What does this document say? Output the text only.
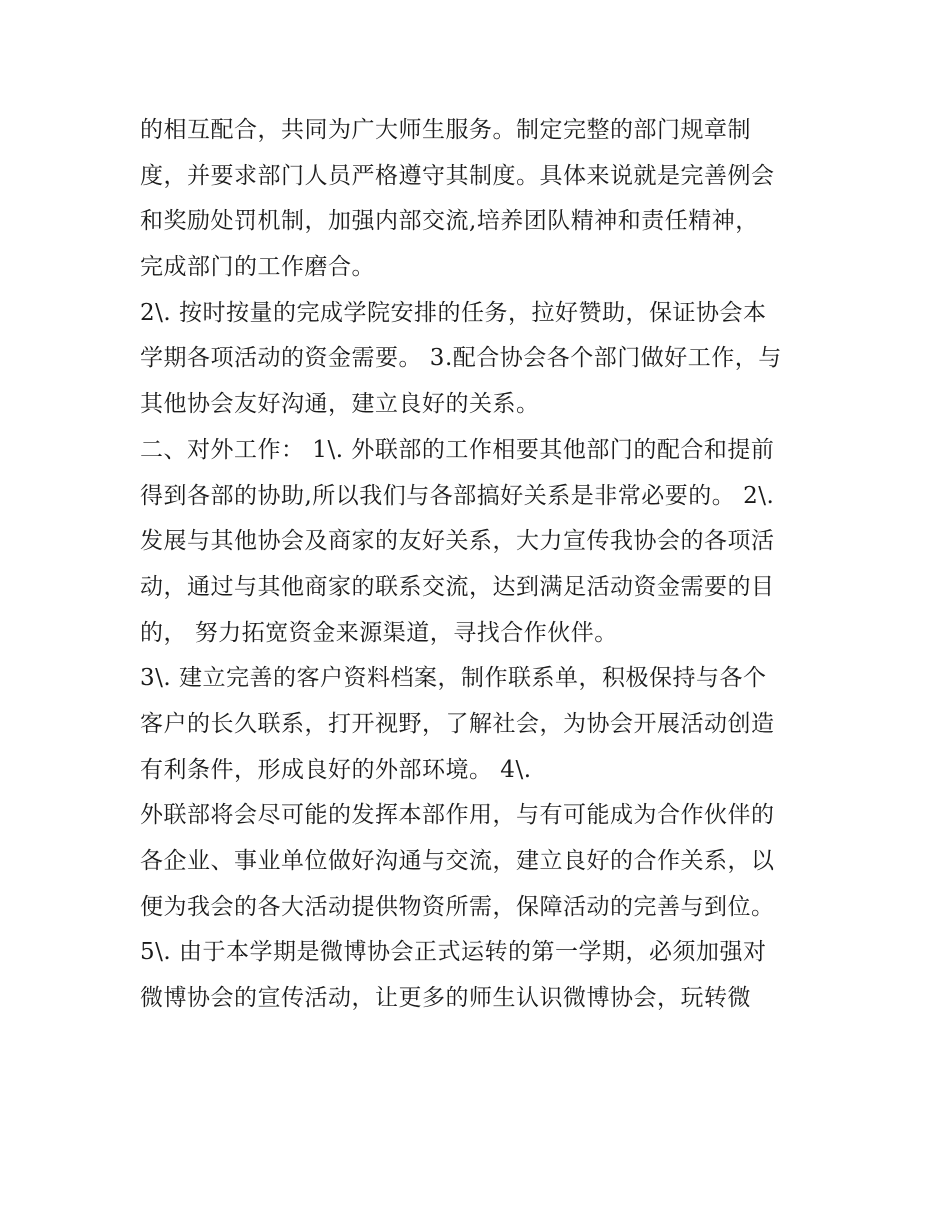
的相互配合，共同为广大师生服务。制定完整的部门规章制
度，并要求部门人员严格遵守其制度。具体来说就是完善例会
和奖励处罚机制，加强内部交流,培养团队精神和责任精神，
完成部门的工作磨合。
2\. 按时按量的完成学院安排的任务，拉好赞助，保证协会本
学期各项活动的资金需要。 3.配合协会各个部门做好工作，与
其他协会友好沟通，建立良好的关系。
二、对外工作： 1\. 外联部的工作相要其他部门的配合和提前
得到各部的协助,所以我们与各部搞好关系是非常必要的。 2\.
发展与其他协会及商家的友好关系，大力宣传我协会的各项活
动，通过与其他商家的联系交流，达到满足活动资金需要的目
的， 努力拓宽资金来源渠道，寻找合作伙伴。
3\. 建立完善的客户资料档案，制作联系单，积极保持与各个
客户的长久联系，打开视野，了解社会，为协会开展活动创造
有利条件，形成良好的外部环境。 4\.
外联部将会尽可能的发挥本部作用，与有可能成为合作伙伴的
各企业、事业单位做好沟通与交流，建立良好的合作关系，以
便为我会的各大活动提供物资所需，保障活动的完善与到位。
5\. 由于本学期是微博协会正式运转的第一学期，必须加强对
微博协会的宣传活动，让更多的师生认识微博协会，玩转微
